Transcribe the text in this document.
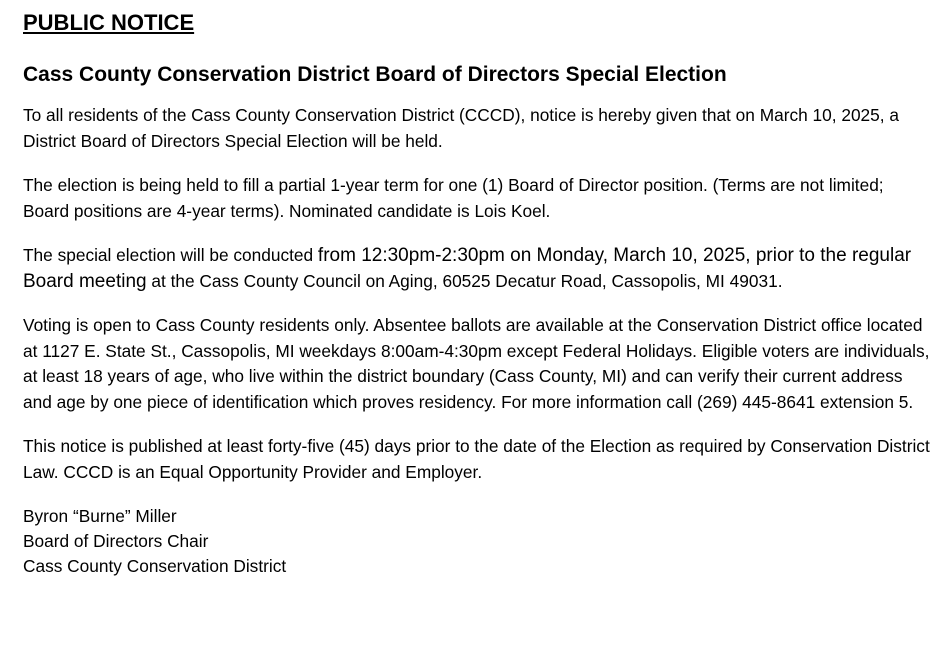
PUBLIC NOTICE
Cass County Conservation District Board of Directors Special Election

To all residents of the Cass County Conservation District (CCCD), notice is hereby given that on March 10, 2025, a District Board of Directors Special Election will be held.

The election is being held to fill a partial 1-year term for one (1) Board of Director position. (Terms are not limited; Board positions are 4-year terms). Nominated candidate is Lois Koel.

The special election will be conducted from 12:30pm-2:30pm on Monday, March 10, 2025, prior to the regular Board meeting at the Cass County Council on Aging, 60525 Decatur Road, Cassopolis, MI 49031.

Voting is open to Cass County residents only. Absentee ballots are available at the Conservation District office located at 1127 E. State St., Cassopolis, MI weekdays 8:00am-4:30pm except Federal Holidays. Eligible voters are individuals, at least 18 years of age, who live within the district boundary (Cass County, MI) and can verify their current address and age by one piece of identification which proves residency. For more information call (269) 445-8641 extension 5.

This notice is published at least forty-five (45) days prior to the date of the Election as required by Conservation District Law. CCCD is an Equal Opportunity Provider and Employer.

Byron “Burne” Miller
Board of Directors Chair
Cass County Conservation District
